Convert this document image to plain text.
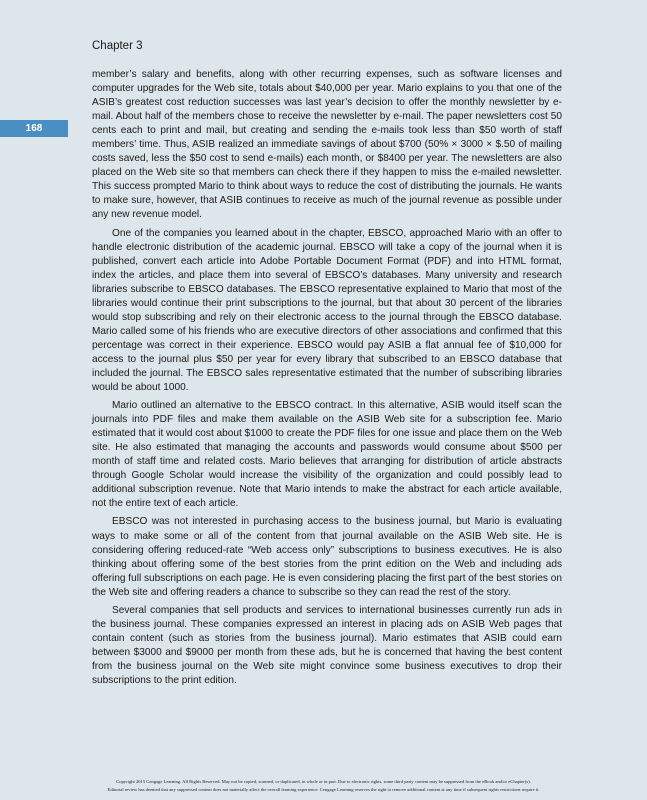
Chapter 3
168

member’s salary and benefits, along with other recurring expenses, such as software licenses and computer upgrades for the Web site, totals about $40,000 per year. Mario explains to you that one of the ASIB’s greatest cost reduction successes was last year’s decision to offer the monthly newsletter by e-mail. About half of the members chose to receive the newsletter by e-mail. The paper newsletters cost 50 cents each to print and mail, but creating and sending the e-mails took less than $50 worth of staff members’ time. Thus, ASIB realized an immediate savings of about $700 (50% × 3000 × $.50 of mailing costs saved, less the $50 cost to send e-mails) each month, or $8400 per year. The newsletters are also placed on the Web site so that members can check there if they happen to miss the e-mailed newsletter. This success prompted Mario to think about ways to reduce the cost of distributing the journals. He wants to make sure, however, that ASIB continues to receive as much of the journal revenue as possible under any new revenue model.

One of the companies you learned about in the chapter, EBSCO, approached Mario with an offer to handle electronic distribution of the academic journal. EBSCO will take a copy of the journal when it is published, convert each article into Adobe Portable Document Format (PDF) and into HTML format, index the articles, and place them into several of EBSCO’s databases. Many university and research libraries subscribe to EBSCO databases. The EBSCO representative explained to Mario that most of the libraries would continue their print subscriptions to the journal, but that about 30 percent of the libraries would stop subscribing and rely on their electronic access to the journal through the EBSCO database. Mario called some of his friends who are executive directors of other associations and confirmed that this percentage was correct in their experience. EBSCO would pay ASIB a flat annual fee of $10,000 for access to the journal plus $50 per year for every library that subscribed to an EBSCO database that included the journal. The EBSCO sales representative estimated that the number of subscribing libraries would be about 1000.

Mario outlined an alternative to the EBSCO contract. In this alternative, ASIB would itself scan the journals into PDF files and make them available on the ASIB Web site for a subscription fee. Mario estimated that it would cost about $1000 to create the PDF files for one issue and place them on the Web site. He also estimated that managing the accounts and passwords would consume about $500 per month of staff time and related costs. Mario believes that arranging for distribution of article abstracts through Google Scholar would increase the visibility of the organization and could possibly lead to additional subscription revenue. Note that Mario intends to make the abstract for each article available, not the entire text of each article.

EBSCO was not interested in purchasing access to the business journal, but Mario is evaluating ways to make some or all of the content from that journal available on the ASIB Web site. He is considering offering reduced-rate “Web access only” subscriptions to business executives. He is also thinking about offering some of the best stories from the print edition on the Web and including ads offering full subscriptions on each page. He is even considering placing the first part of the best stories on the Web site and offering readers a chance to subscribe so they can read the rest of the story.

Several companies that sell products and services to international businesses currently run ads in the business journal. These companies expressed an interest in placing ads on ASIB Web pages that contain content (such as stories from the business journal). Mario estimates that ASIB could earn between $3000 and $9000 per month from these ads, but he is concerned that having the best content from the business journal on the Web site might convince some business executives to drop their subscriptions to the print edition.

Copyright 2015 Cengage Learning. All Rights Reserved. May not be copied, scanned, or duplicated, in whole or in part. Due to electronic rights, some third party content may be suppressed from the eBook and/or eChapter(s).
Editorial review has deemed that any suppressed content does not materially affect the overall learning experience. Cengage Learning reserves the right to remove additional content at any time if subsequent rights restrictions require it.
